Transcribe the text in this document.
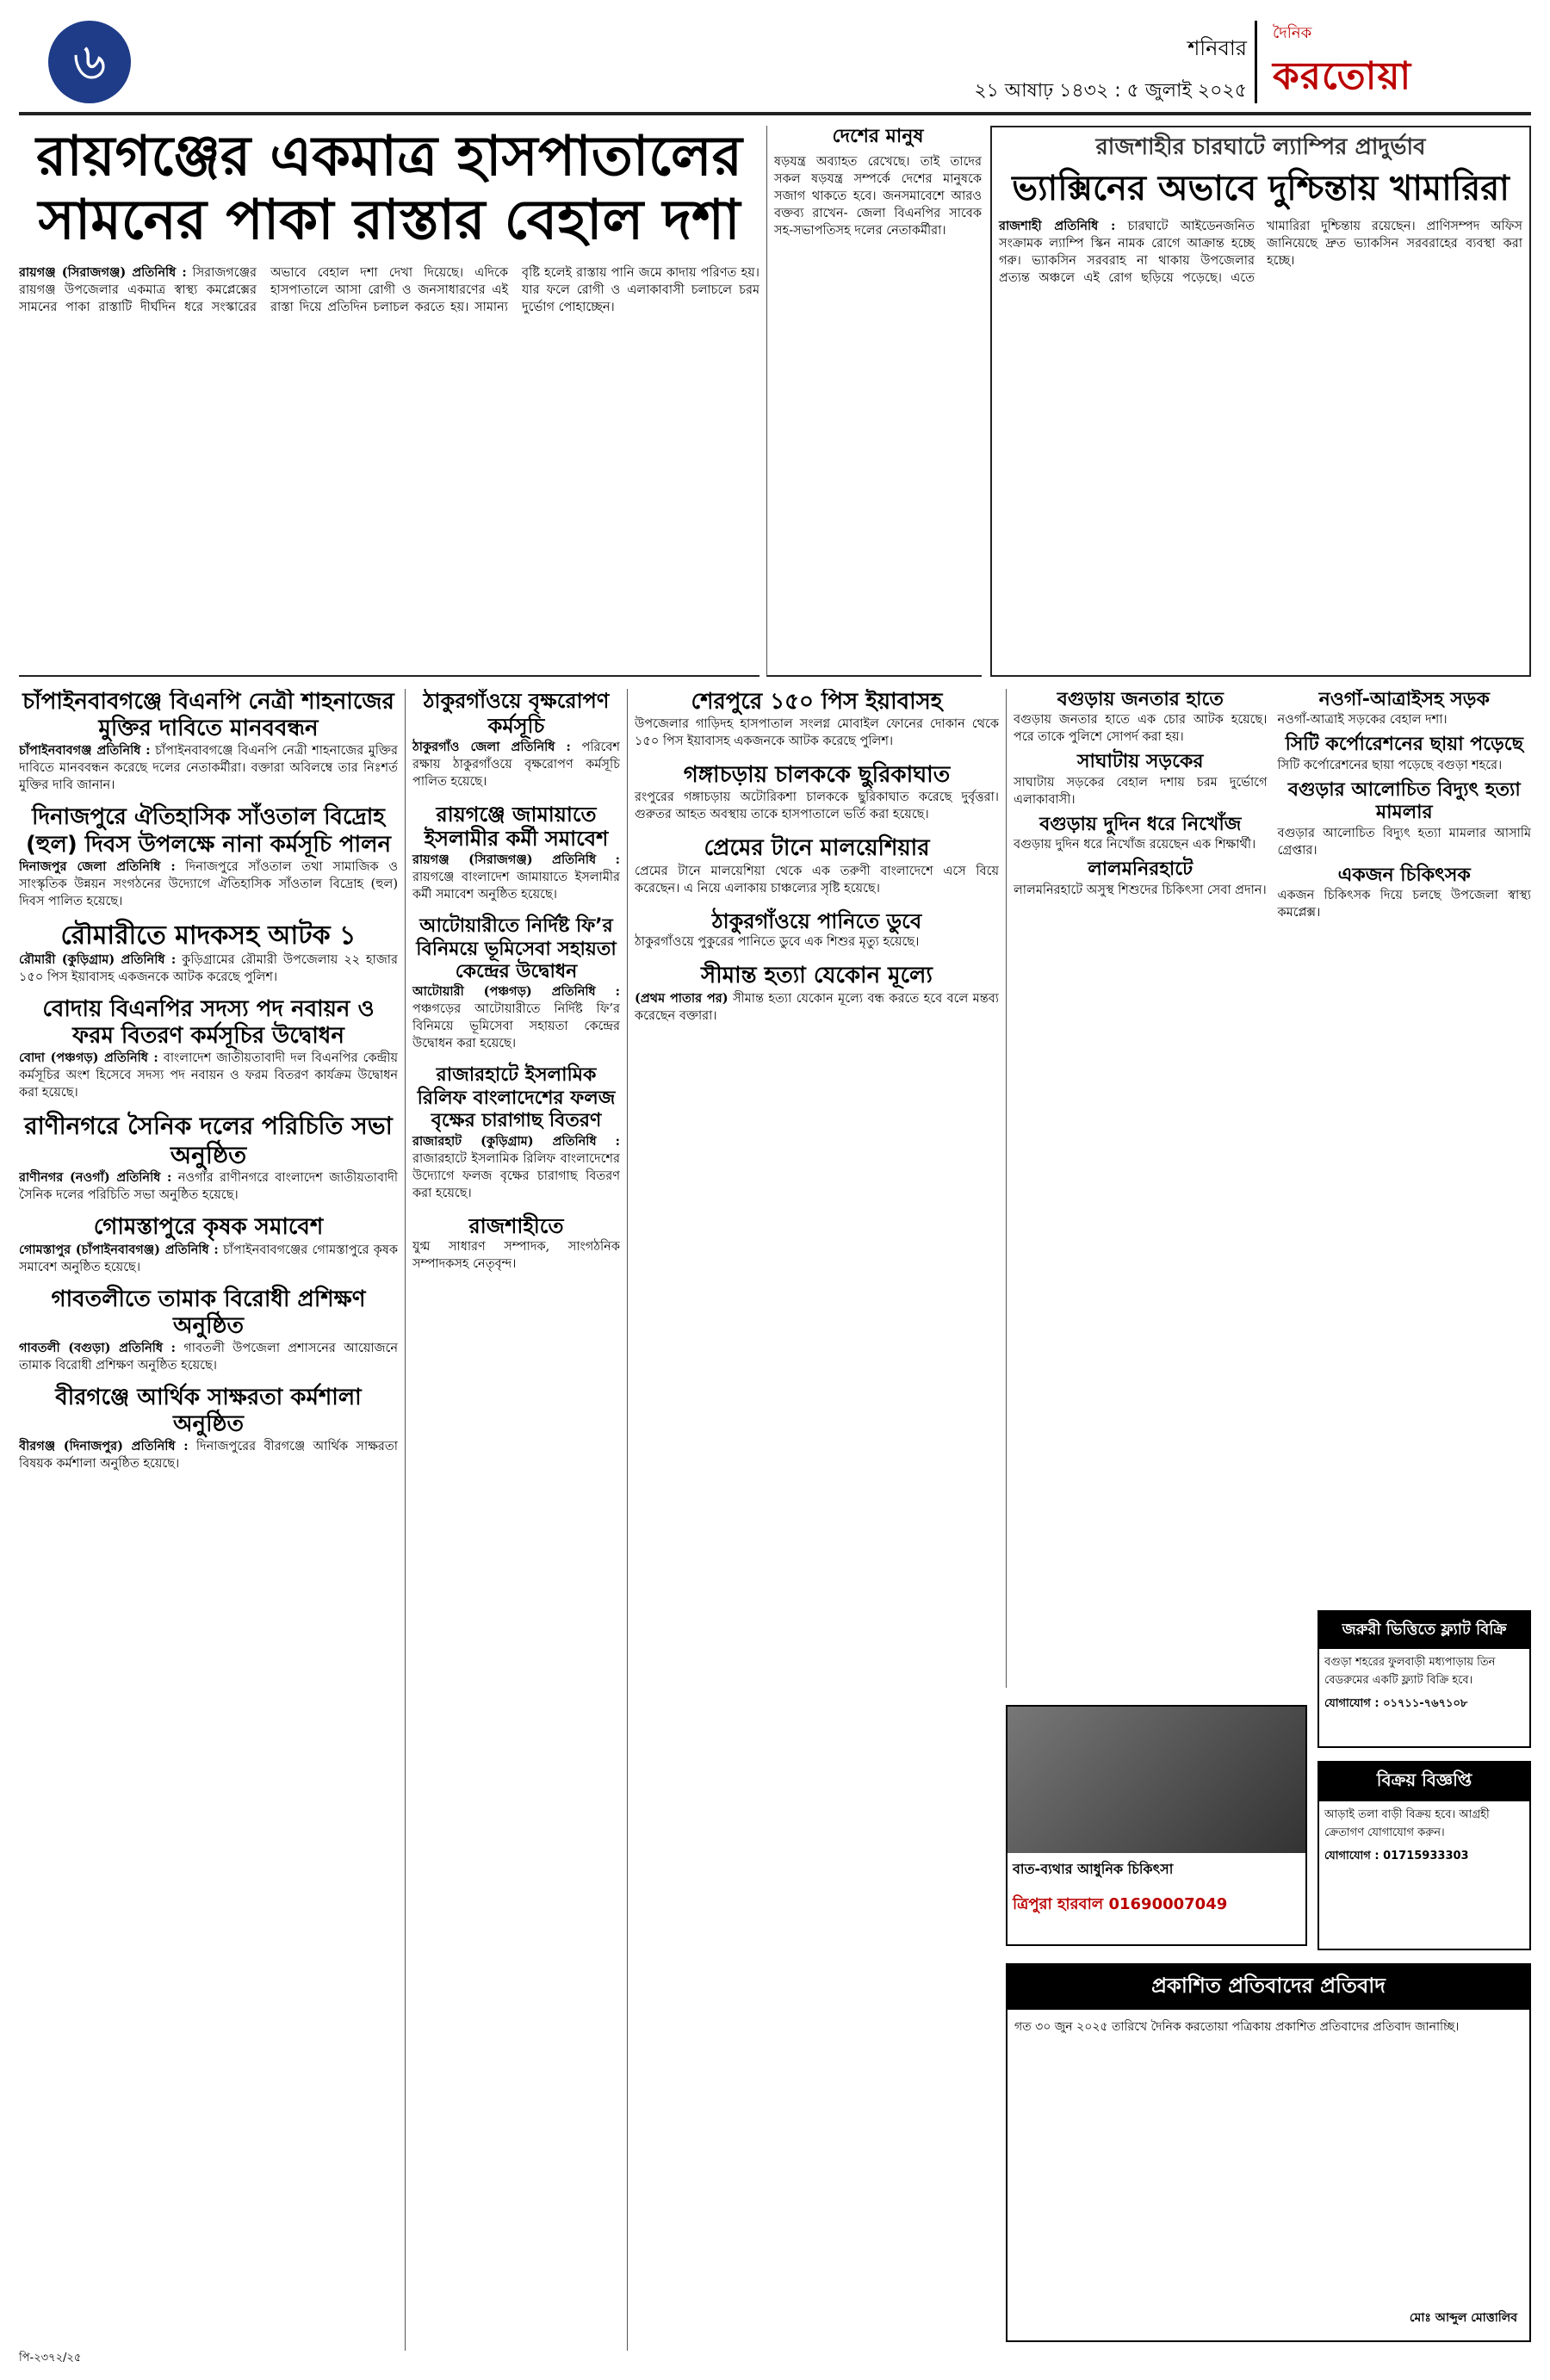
৬	শনিবার
২১ আষাঢ় ১৪৩২ : ৫ জুলাই ২০২৫
দৈনিক
করতোয়া
রায়গঞ্জের একমাত্র হাসপাতালের
সামনের পাকা রাস্তার বেহাল দশা

রায়গঞ্জ (সিরাজগঞ্জ) প্রতিনিধি : সিরাজগঞ্জের রায়গঞ্জ উপজেলার একমাত্র স্বাস্থ্য কমপ্লেক্সের সামনের পাকা রাস্তাটি দীর্ঘদিন ধরে সংস্কারের অভাবে বেহাল দশা দেখা দিয়েছে। এদিকে হাসপাতালে আসা রোগী ও জনসাধারণের এই রাস্তা দিয়ে প্রতিদিন চলাচল করতে হয়। সামান্য বৃষ্টি হলেই রাস্তায় পানি জমে কাদায় পরিণত হয়। যার ফলে রোগী ও এলাকাবাসী চলাচলে চরম দুর্ভোগ পোহাচ্ছেন।

দেশের মানুষ

ষড়যন্ত্র অব্যাহত রেখেছে। তাই তাদের সকল ষড়যন্ত্র সম্পর্কে দেশের মানুষকে সজাগ থাকতে হবে। জনসমাবেশে আরও বক্তব্য রাখেন- জেলা বিএনপির সাবেক সহ-সভাপতিসহ দলের নেতাকর্মীরা।

রাজশাহীর চারঘাটে ল্যাম্পির প্রাদুর্ভাব
ভ্যাক্সিনের অভাবে দুশ্চিন্তায় খামারিরা

রাজশাহী প্রতিনিধি : চারঘাটে আইডেনজনিত সংক্রামক ল্যাম্পি স্কিন নামক রোগে আক্রান্ত হচ্ছে গরু। ভ্যাকসিন সরবরাহ না থাকায় উপজেলার প্রত্যন্ত অঞ্চলে এই রোগ ছড়িয়ে পড়েছে। এতে খামারিরা দুশ্চিন্তায় রয়েছেন। প্রাণিসম্পদ অফিস জানিয়েছে দ্রুত ভ্যাকসিন সরবরাহের ব্যবস্থা করা হচ্ছে।

চাঁপাইনবাবগঞ্জে বিএনপি নেত্রী শাহনাজের মুক্তির দাবিতে মানববন্ধন

চাঁপাইনবাবগঞ্জ প্রতিনিধি : চাঁপাইনবাবগঞ্জে বিএনপি নেত্রী শাহনাজের মুক্তির দাবিতে মানববন্ধন করেছে দলের নেতাকর্মীরা। বক্তারা অবিলম্বে তার নিঃশর্ত মুক্তির দাবি জানান।

দিনাজপুরে ঐতিহাসিক সাঁওতাল বিদ্রোহ (হুল) দিবস উপলক্ষে নানা কর্মসূচি পালন

দিনাজপুর জেলা প্রতিনিধি : দিনাজপুরে সাঁওতাল তথা সামাজিক ও সাংস্কৃতিক উন্নয়ন সংগঠনের উদ্যোগে ঐতিহাসিক সাঁওতাল বিদ্রোহ (হুল) দিবস পালিত হয়েছে।

রৌমারীতে মাদকসহ আটক ১

রৌমারী (কুড়িগ্রাম) প্রতিনিধি : কুড়িগ্রামের রৌমারী উপজেলায় ২২ হাজার ১৫০ পিস ইয়াবাসহ একজনকে আটক করেছে পুলিশ।

বোদায় বিএনপির সদস্য পদ নবায়ন ও ফরম বিতরণ কর্মসূচির উদ্বোধন

বোদা (পঞ্চগড়) প্রতিনিধি : বাংলাদেশ জাতীয়তাবাদী দল বিএনপির কেন্দ্রীয় কর্মসূচির অংশ হিসেবে সদস্য পদ নবায়ন ও ফরম বিতরণ কার্যক্রম উদ্বোধন করা হয়েছে।

রাণীনগরে সৈনিক দলের পরিচিতি সভা অনুষ্ঠিত

রাণীনগর (নওগাঁ) প্রতিনিধি : নওগাঁর রাণীনগরে বাংলাদেশ জাতীয়তাবাদী সৈনিক দলের পরিচিতি সভা অনুষ্ঠিত হয়েছে।

গোমস্তাপুরে কৃষক সমাবেশ

গোমস্তাপুর (চাঁপাইনবাবগঞ্জ) প্রতিনিধি : চাঁপাইনবাবগঞ্জের গোমস্তাপুরে কৃষক সমাবেশ অনুষ্ঠিত হয়েছে।

গাবতলীতে তামাক বিরোধী প্রশিক্ষণ অনুষ্ঠিত

গাবতলী (বগুড়া) প্রতিনিধি : গাবতলী উপজেলা প্রশাসনের আয়োজনে তামাক বিরোধী প্রশিক্ষণ অনুষ্ঠিত হয়েছে।

বীরগঞ্জে আর্থিক সাক্ষরতা কর্মশালা অনুষ্ঠিত

বীরগঞ্জ (দিনাজপুর) প্রতিনিধি : দিনাজপুরের বীরগঞ্জে আর্থিক সাক্ষরতা বিষয়ক কর্মশালা অনুষ্ঠিত হয়েছে।

ঠাকুরগাঁওয়ে বৃক্ষরোপণ কর্মসূচি

ঠাকুরগাঁও জেলা প্রতিনিধি : পরিবেশ রক্ষায় ঠাকুরগাঁওয়ে বৃক্ষরোপণ কর্মসূচি পালিত হয়েছে।

রায়গঞ্জে জামায়াতে ইসলামীর কর্মী সমাবেশ

রায়গঞ্জ (সিরাজগঞ্জ) প্রতিনিধি : রায়গঞ্জে বাংলাদেশ জামায়াতে ইসলামীর কর্মী সমাবেশ অনুষ্ঠিত হয়েছে।

আটোয়ারীতে নির্দিষ্ট ফি’র বিনিময়ে ভূমিসেবা সহায়তা কেন্দ্রের উদ্বোধন

আটোয়ারী (পঞ্চগড়) প্রতিনিধি : পঞ্চগড়ের আটোয়ারীতে নির্দিষ্ট ফি’র বিনিময়ে ভূমিসেবা সহায়তা কেন্দ্রের উদ্বোধন করা হয়েছে।

রাজারহাটে ইসলামিক রিলিফ বাংলাদেশের ফলজ বৃক্ষের চারাগাছ বিতরণ

রাজারহাট (কুড়িগ্রাম) প্রতিনিধি : রাজারহাটে ইসলামিক রিলিফ বাংলাদেশের উদ্যোগে ফলজ বৃক্ষের চারাগাছ বিতরণ করা হয়েছে।

রাজশাহীতে

যুগ্ম সাধারণ সম্পাদক, সাংগঠনিক সম্পাদকসহ নেতৃবৃন্দ।

শেরপুরে ১৫০ পিস ইয়াবাসহ

উপজেলার গাড়িদহ হাসপাতাল সংলগ্ন মোবাইল ফোনের দোকান থেকে ১৫০ পিস ইয়াবাসহ একজনকে আটক করেছে পুলিশ।

গঙ্গাচড়ায় চালককে ছুরিকাঘাত

রংপুরের গঙ্গাচড়ায় অটোরিকশা চালককে ছুরিকাঘাত করেছে দুর্বৃত্তরা। গুরুতর আহত অবস্থায় তাকে হাসপাতালে ভর্তি করা হয়েছে।

প্রেমের টানে মালয়েশিয়ার

প্রেমের টানে মালয়েশিয়া থেকে এক তরুণী বাংলাদেশে এসে বিয়ে করেছেন। এ নিয়ে এলাকায় চাঞ্চল্যের সৃষ্টি হয়েছে।

ঠাকুরগাঁওয়ে পানিতে ডুবে

ঠাকুরগাঁওয়ে পুকুরের পানিতে ডুবে এক শিশুর মৃত্যু হয়েছে।

সীমান্ত হত্যা যেকোন মূল্যে

(প্রথম পাতার পর) সীমান্ত হত্যা যেকোন মূল্যে বন্ধ করতে হবে বলে মন্তব্য করেছেন বক্তারা।

বগুড়ায় জনতার হাতে

বগুড়ায় জনতার হাতে এক চোর আটক হয়েছে। পরে তাকে পুলিশে সোপর্দ করা হয়।

সাঘাটায় সড়কের

সাঘাটায় সড়কের বেহাল দশায় চরম দুর্ভোগে এলাকাবাসী।

বগুড়ায় দুদিন ধরে নিখোঁজ

বগুড়ায় দুদিন ধরে নিখোঁজ রয়েছেন এক শিক্ষার্থী।

লালমনিরহাটে

লালমনিরহাটে অসুস্থ শিশুদের চিকিৎসা সেবা প্রদান।

নওগাঁ-আত্রাইসহ সড়ক

নওগাঁ-আত্রাই সড়কের বেহাল দশা।

সিটি কর্পোরেশনের ছায়া পড়েছে

সিটি কর্পোরেশনের ছায়া পড়েছে বগুড়া শহরে।

বগুড়ার আলোচিত বিদ্যুৎ হত্যা মামলার

বগুড়ার আলোচিত বিদ্যুৎ হত্যা মামলার আসামি গ্রেপ্তার।

একজন চিকিৎসক

একজন চিকিৎসক দিয়ে চলছে উপজেলা স্বাস্থ্য কমপ্লেক্স।

জরুরী ভিত্তিতে ফ্ল্যাট বিক্রি
বগুড়া শহরের ফুলবাড়ী মধ্যপাড়ায় তিন বেডরুমের একটি ফ্ল্যাট বিক্রি হবে।
যোগাযোগ : ০১৭১১-৭৬৭১০৮
বাত-ব্যথার আধুনিক চিকিৎসা
ত্রিপুরা হারবাল 01690007049
বিক্রয় বিজ্ঞপ্তি
আড়াই তলা বাড়ী বিক্রয় হবে। আগ্রহী ক্রেতাগণ যোগাযোগ করুন।
যোগাযোগ : 01715933303
প্রকাশিত প্রতিবাদের প্রতিবাদ
গত ৩০ জুন ২০২৫ তারিখে দৈনিক করতোয়া পত্রিকায় প্রকাশিত প্রতিবাদের প্রতিবাদ জানাচ্ছি।
মোঃ আব্দুল মোত্তালিব
পি-২৩৭২/২৫
